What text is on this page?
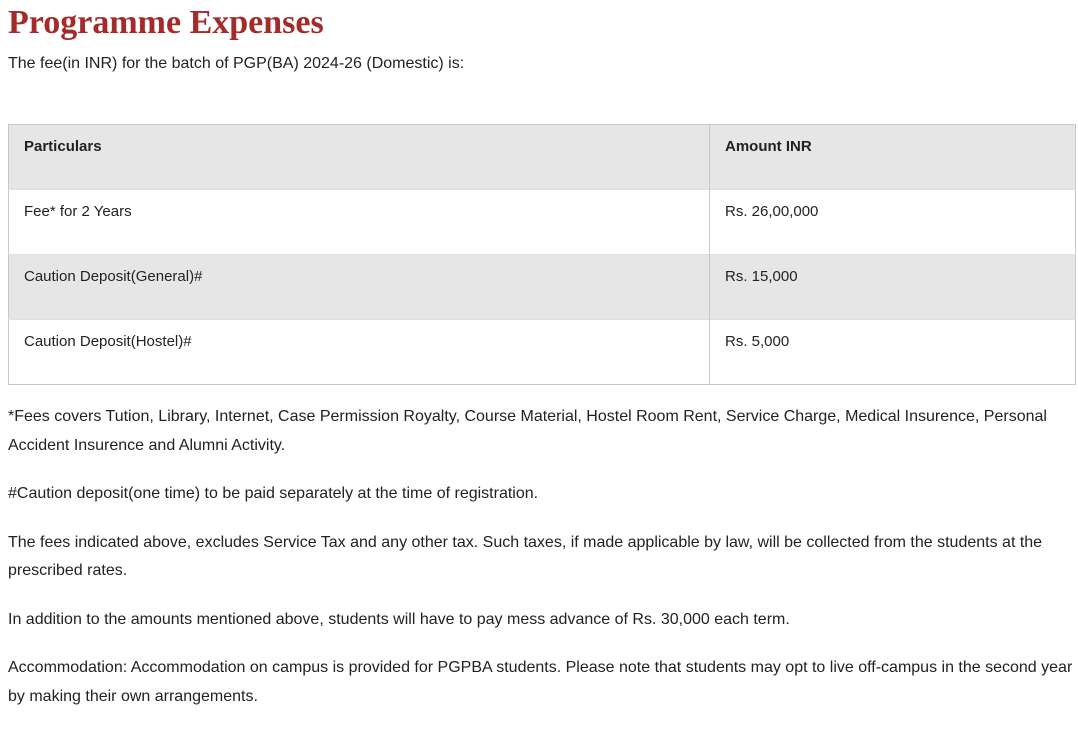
Programme Expenses

The fee(in INR) for the batch of PGP(BA) 2024-26 (Domestic) is:

Particulars	Amount INR
Fee* for 2 Years	Rs. 26,00,000
Caution Deposit(General)#	Rs. 15,000
Caution Deposit(Hostel)#	Rs. 5,000

*Fees covers Tution, Library, Internet, Case Permission Royalty, Course Material, Hostel Room Rent, Service Charge, Medical Insurence, Personal Accident Insurence and Alumni Activity.

#Caution deposit(one time) to be paid separately at the time of registration.

The fees indicated above, excludes Service Tax and any other tax. Such taxes, if made applicable by law, will be collected from the students at the prescribed rates.

In addition to the amounts mentioned above, students will have to pay mess advance of Rs. 30,000 each term.

Accommodation: Accommodation on campus is provided for PGPBA students. Please note that students may opt to live off-campus in the second year by making their own arrangements.
